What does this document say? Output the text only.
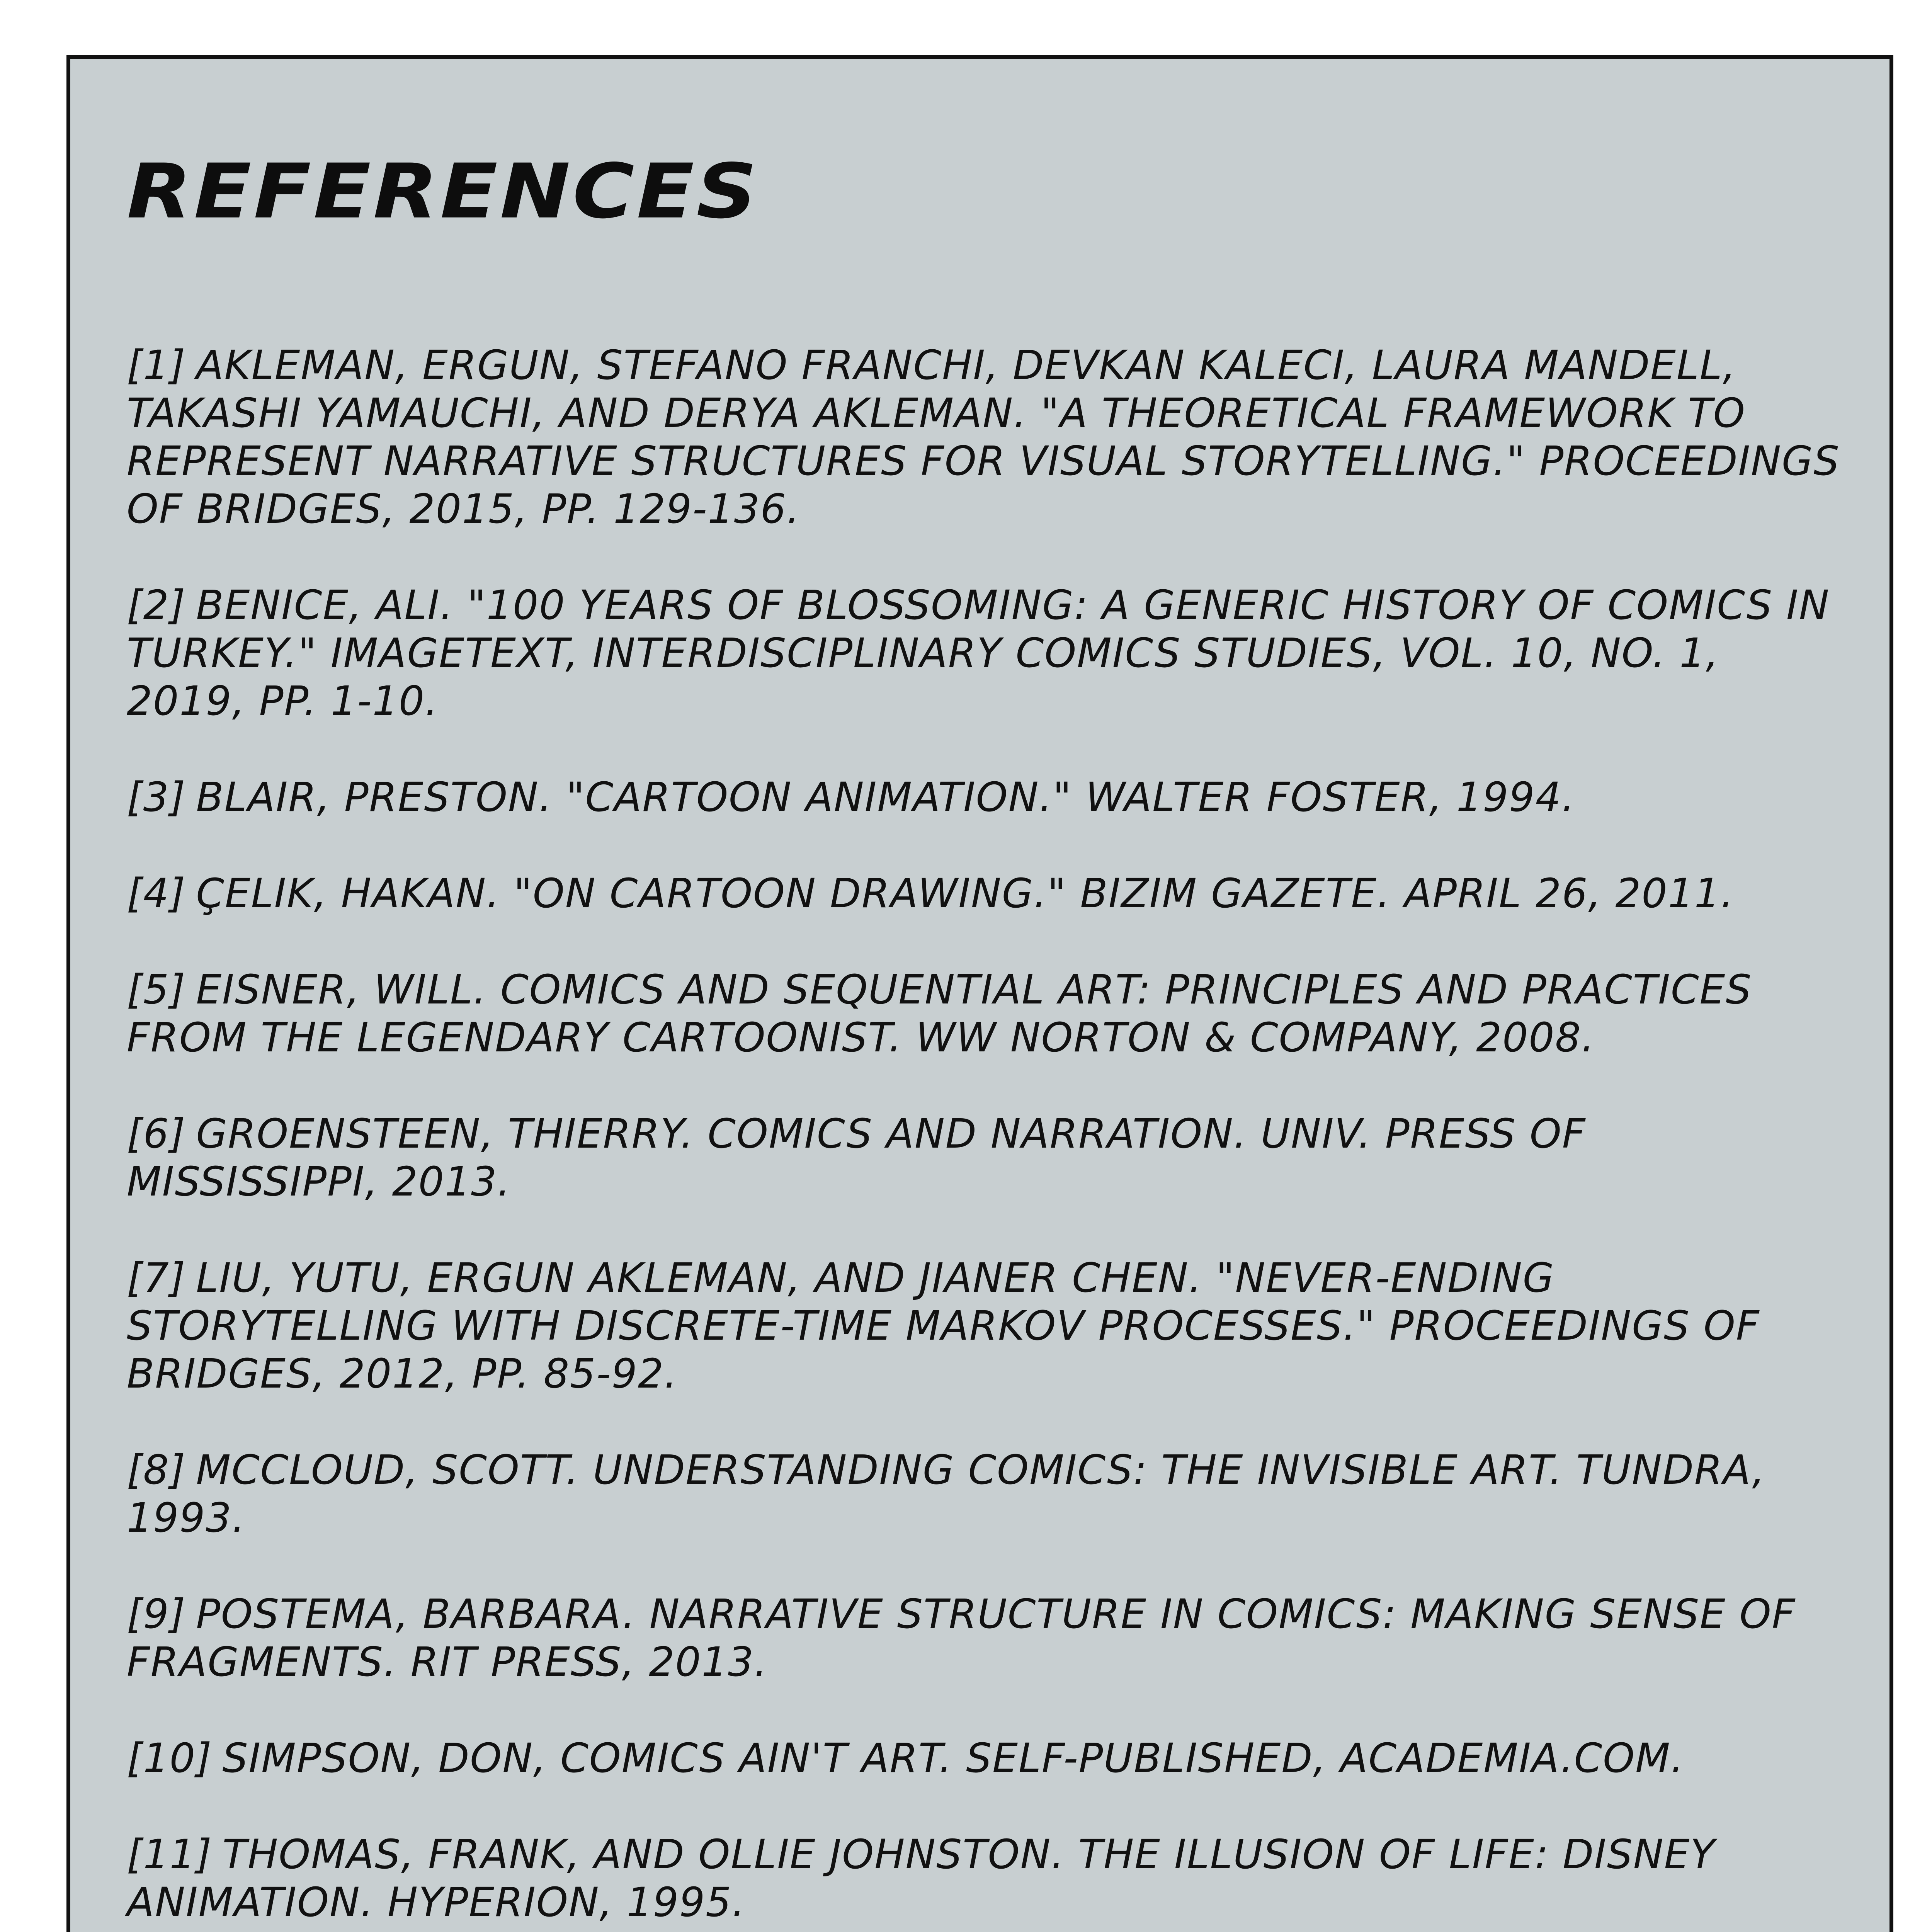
REFERENCES
[1] AKLEMAN, ERGUN, STEFANO FRANCHI, DEVKAN KALECI, LAURA MANDELL, TAKASHI YAMAUCHI, AND DERYA AKLEMAN. "A THEORETICAL FRAMEWORK TO REPRESENT NARRATIVE STRUCTURES FOR VISUAL STORYTELLING." PROCEEDINGS OF BRIDGES, 2015, PP. 129-136.
[2] BENICE, ALI. "100 YEARS OF BLOSSOMING: A GENERIC HISTORY OF COMICS IN TURKEY." IMAGETEXT, INTERDISCIPLINARY COMICS STUDIES, VOL. 10, NO. 1, 2019, PP. 1-10.
[3] BLAIR, PRESTON. "CARTOON ANIMATION." WALTER FOSTER, 1994.
[4] ÇELIK, HAKAN. "ON CARTOON DRAWING." BIZIM GAZETE. APRIL 26, 2011.
[5] EISNER, WILL. COMICS AND SEQUENTIAL ART: PRINCIPLES AND PRACTICES FROM THE LEGENDARY CARTOONIST. WW NORTON & COMPANY, 2008.
[6] GROENSTEEN, THIERRY. COMICS AND NARRATION. UNIV. PRESS OF MISSISSIPPI, 2013.
[7] LIU, YUTU, ERGUN AKLEMAN, AND JIANER CHEN. "NEVER-ENDING STORYTELLING WITH DISCRETE-TIME MARKOV PROCESSES." PROCEEDINGS OF BRIDGES, 2012, PP. 85-92.
[8] MCCLOUD, SCOTT. UNDERSTANDING COMICS: THE INVISIBLE ART. TUNDRA, 1993.
[9] POSTEMA, BARBARA. NARRATIVE STRUCTURE IN COMICS: MAKING SENSE OF FRAGMENTS. RIT PRESS, 2013.
[10] SIMPSON, DON, COMICS AIN'T ART. SELF-PUBLISHED, ACADEMIA.COM.
[11] THOMAS, FRANK, AND OLLIE JOHNSTON. THE ILLUSION OF LIFE: DISNEY ANIMATION. HYPERION, 1995.
